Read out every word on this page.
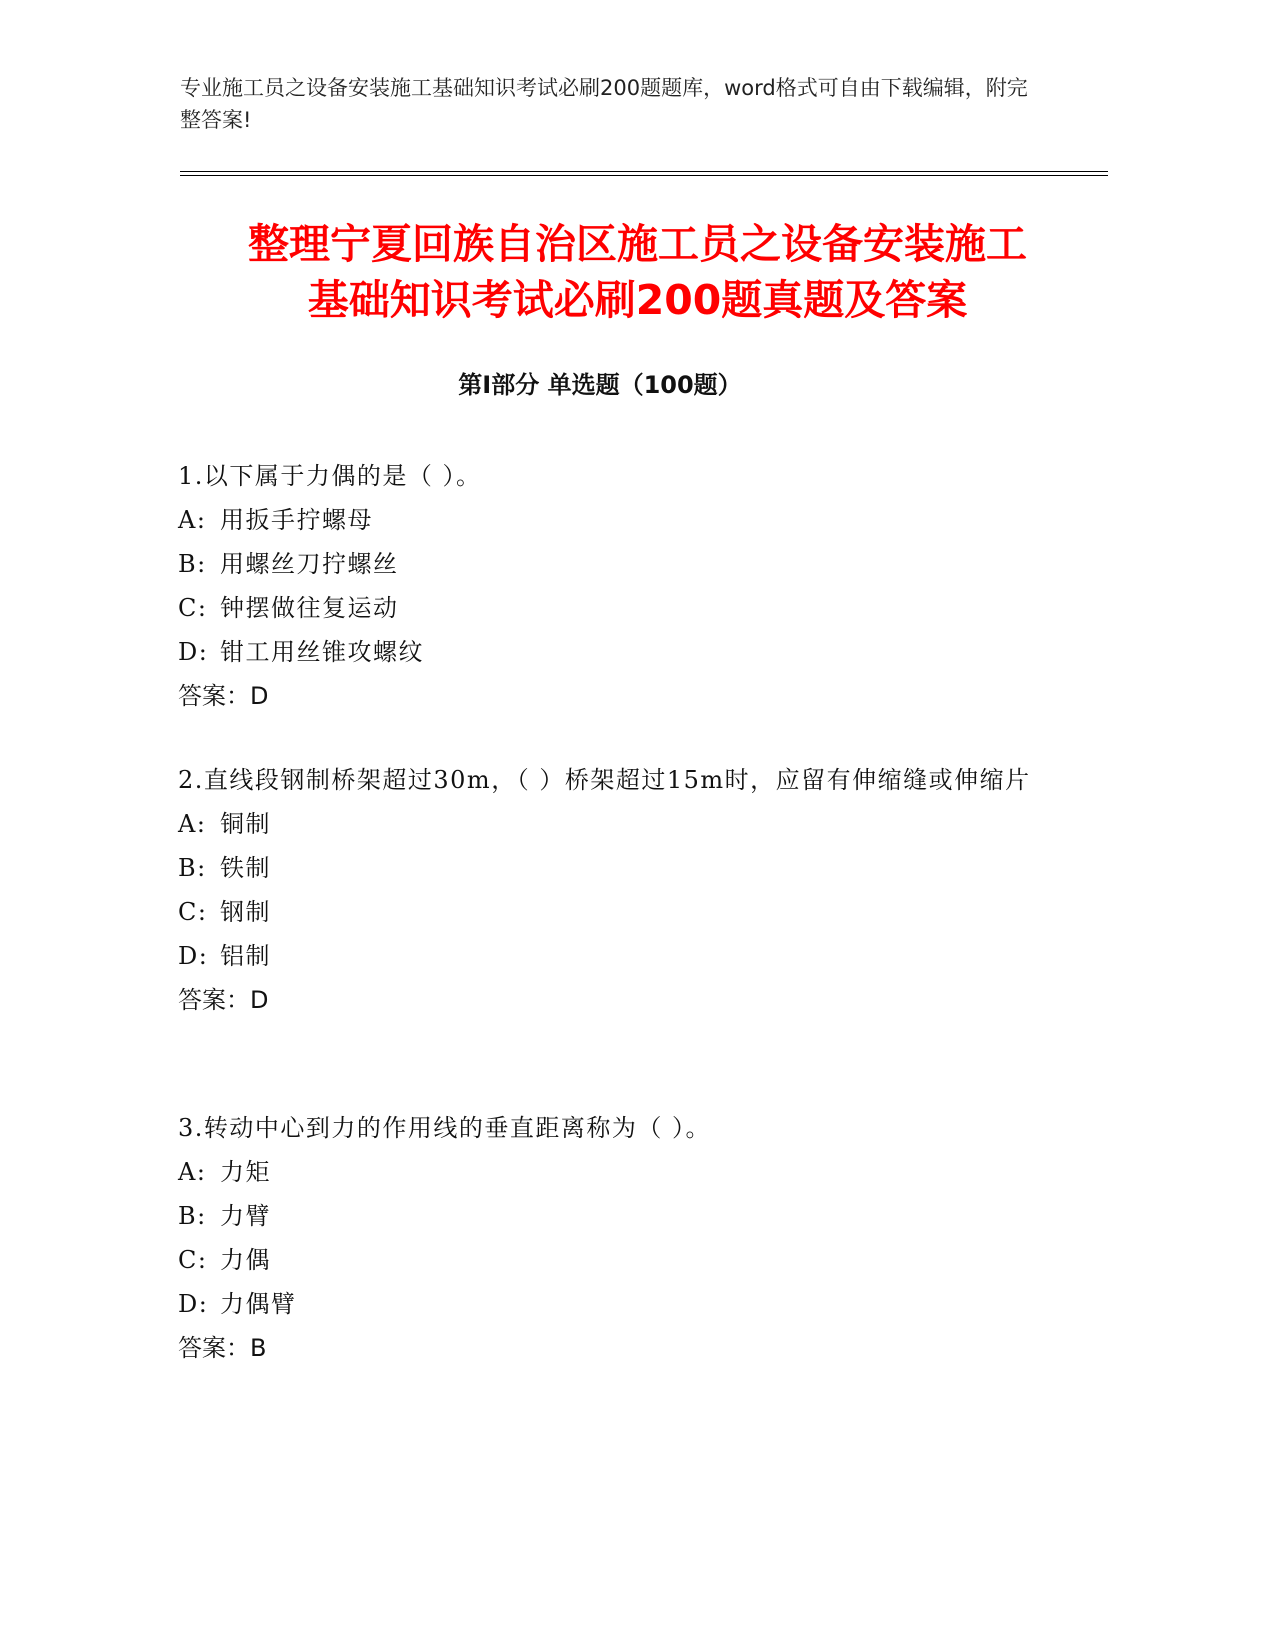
专业施工员之设备安装施工基础知识考试必刷200题题库，word格式可自由下载编辑，附完整答案!
整理宁夏回族自治区施工员之设备安装施工
基础知识考试必刷200题真题及答案
第Ⅰ部分 单选题（100题）
1.以下属于力偶的是（ ）。
A: 用扳手拧螺母
B: 用螺丝刀拧螺丝
C: 钟摆做往复运动
D: 钳工用丝锥攻螺纹
答案：D
2.直线段钢制桥架超过30m，（ ）桥架超过15m时，应留有伸缩缝或伸缩片
A: 铜制
B: 铁制
C: 钢制
D: 铝制
答案：D
3.转动中心到力的作用线的垂直距离称为（ ）。
A: 力矩
B: 力臂
C: 力偶
D: 力偶臂
答案：B
